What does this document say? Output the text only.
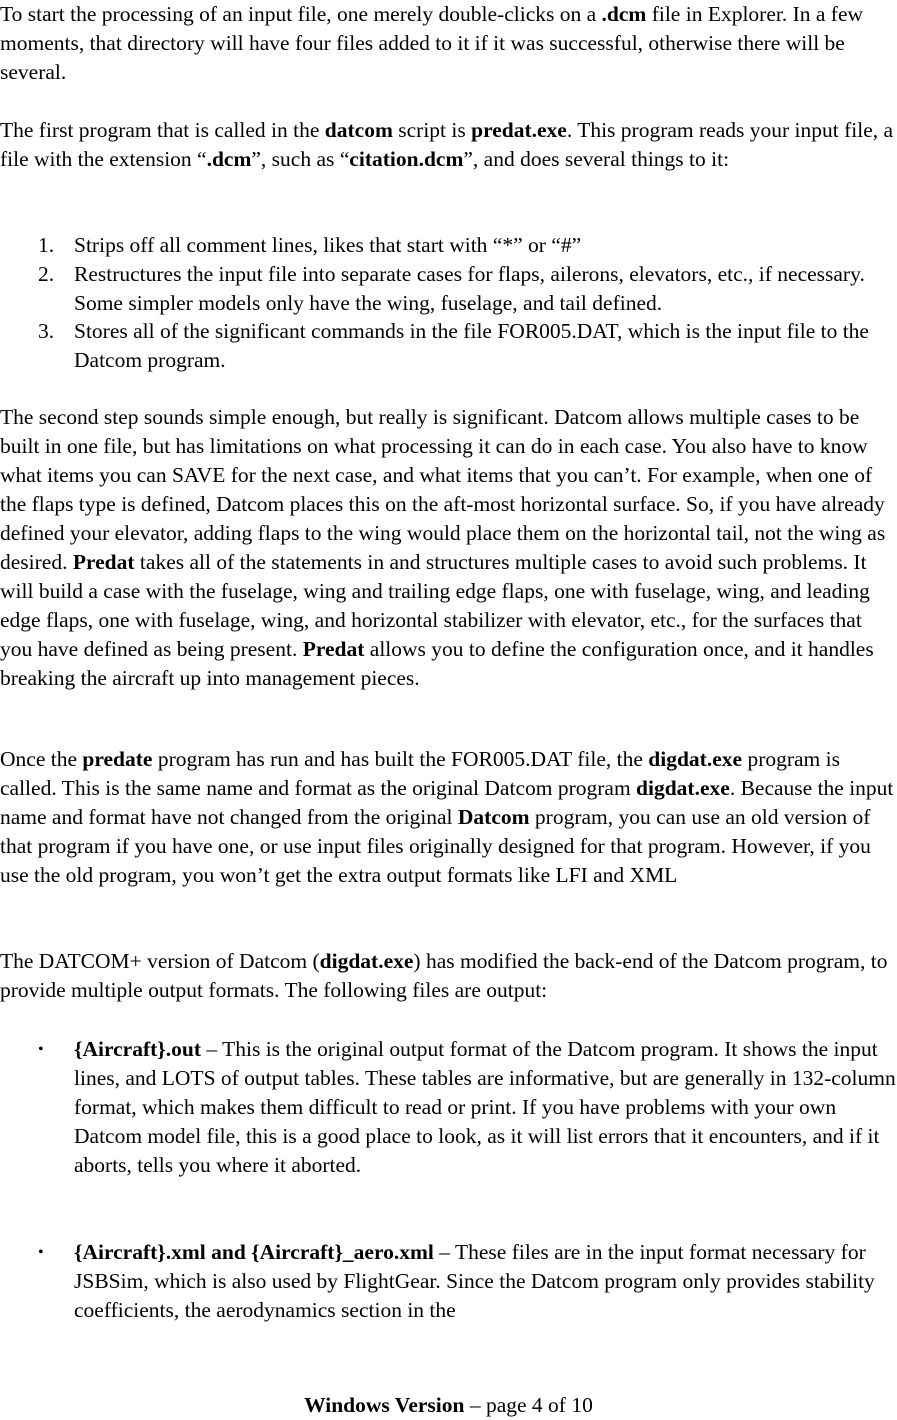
To start the processing of an input file, one merely double-clicks on a .dcm file in Explorer. In a few moments, that directory will have four files added to it if it was successful, otherwise there will be several.

The first program that is called in the datcom script is predat.exe. This program reads your input file, a file with the extension “.dcm”, such as “citation.dcm”, and does several things to it:

1. Strips off all comment lines, likes that start with “*” or “#”
2. Restructures the input file into separate cases for flaps, ailerons, elevators, etc., if necessary. Some simpler models only have the wing, fuselage, and tail defined.
3. Stores all of the significant commands in the file FOR005.DAT, which is the input file to the Datcom program.

The second step sounds simple enough, but really is significant. Datcom allows multiple cases to be built in one file, but has limitations on what processing it can do in each case. You also have to know what items you can SAVE for the next case, and what items that you can’t. For example, when one of the flaps type is defined, Datcom places this on the aft-most horizontal surface. So, if you have already defined your elevator, adding flaps to the wing would place them on the horizontal tail, not the wing as desired. Predat takes all of the statements in and structures multiple cases to avoid such problems. It will build a case with the fuselage, wing and trailing edge flaps, one with fuselage, wing, and leading edge flaps, one with fuselage, wing, and horizontal stabilizer with elevator, etc., for the surfaces that you have defined as being present. Predat allows you to define the configuration once, and it handles breaking the aircraft up into management pieces.

Once the predate program has run and has built the FOR005.DAT file, the digdat.exe program is called. This is the same name and format as the original Datcom program digdat.exe. Because the input name and format have not changed from the original Datcom program, you can use an old version of that program if you have one, or use input files originally designed for that program. However, if you use the old program, you won’t get the extra output formats like LFI and XML

The DATCOM+ version of Datcom (digdat.exe) has modified the back-end of the Datcom program, to provide multiple output formats. The following files are output:

• {Aircraft}.out – This is the original output format of the Datcom program. It shows the input lines, and LOTS of output tables. These tables are informative, but are generally in 132-column format, which makes them difficult to read or print. If you have problems with your own Datcom model file, this is a good place to look, as it will list errors that it encounters, and if it aborts, tells you where it aborted.
• {Aircraft}.xml and {Aircraft}_aero.xml – These files are in the input format necessary for JSBSim, which is also used by FlightGear. Since the Datcom program only provides stability coefficients, the aerodynamics section in the
Windows Version – page 4 of 10
